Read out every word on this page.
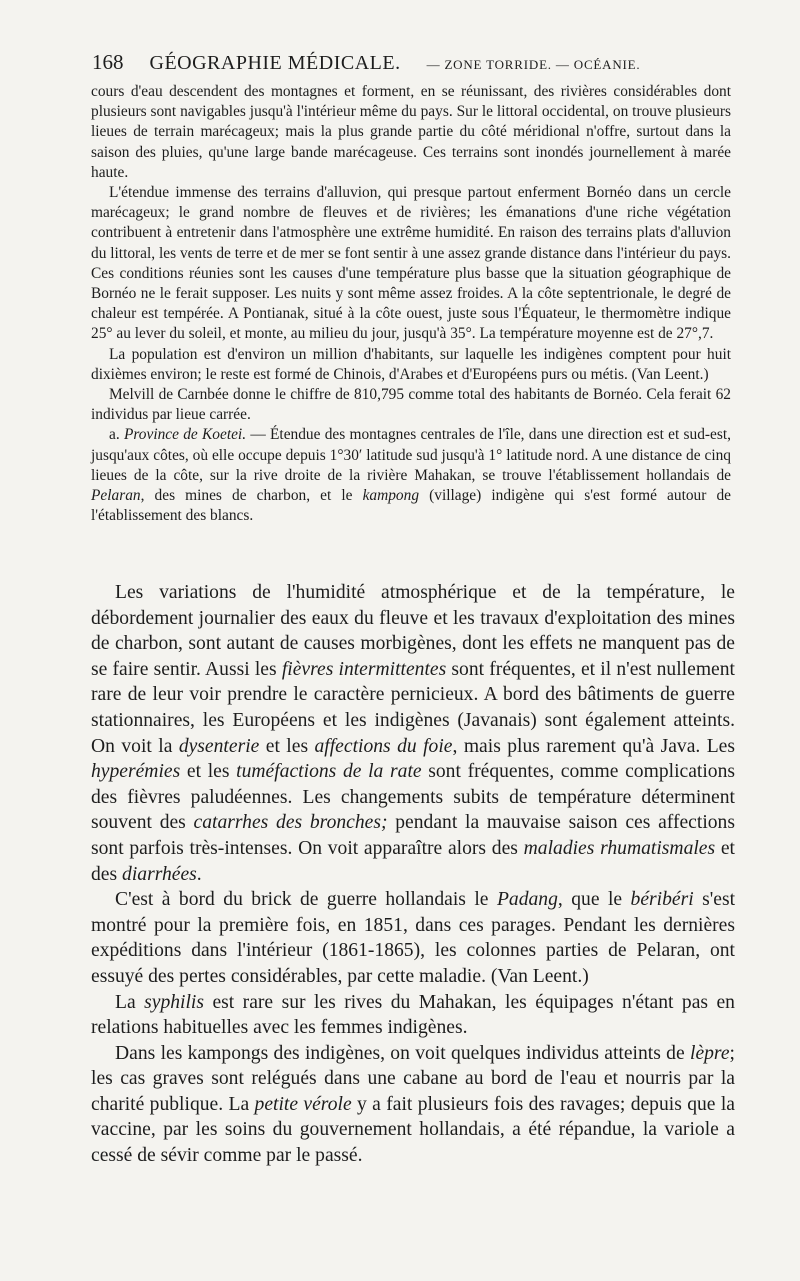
168 GÉOGRAPHIE MÉDICALE. — ZONE TORRIDE. — OCÉANIE.

cours d'eau descendent des montagnes et forment, en se réunissant, des rivières considérables dont plusieurs sont navigables jusqu'à l'intérieur même du pays. Sur le littoral occidental, on trouve plusieurs lieues de terrain marécageux; mais la plus grande partie du côté méridional n'offre, surtout dans la saison des pluies, qu'une large bande marécageuse. Ces terrains sont inondés journellement à marée haute.

L'étendue immense des terrains d'alluvion, qui presque partout enferment Bornéo dans un cercle marécageux; le grand nombre de fleuves et de rivières; les émanations d'une riche végétation contribuent à entretenir dans l'atmosphère une extrême humidité. En raison des terrains plats d'alluvion du littoral, les vents de terre et de mer se font sentir à une assez grande distance dans l'intérieur du pays. Ces conditions réunies sont les causes d'une température plus basse que la situation géographique de Bornéo ne le ferait supposer. Les nuits y sont même assez froides. A la côte septentrionale, le degré de chaleur est tempérée. A Pontianak, situé à la côte ouest, juste sous l'Équateur, le thermomètre indique 25° au lever du soleil, et monte, au milieu du jour, jusqu'à 35°. La température moyenne est de 27°,7.

La population est d'environ un million d'habitants, sur laquelle les indigènes comptent pour huit dixièmes environ; le reste est formé de Chinois, d'Arabes et d'Européens purs ou métis. (Van Leent.)

Melvill de Carnbée donne le chiffre de 810,795 comme total des habitants de Bornéo. Cela ferait 62 individus par lieue carrée.

a. Province de Koetei. — Étendue des montagnes centrales de l'île, dans une direction est et sud-est, jusqu'aux côtes, où elle occupe depuis 1°30′ latitude sud jusqu'à 1° latitude nord. A une distance de cinq lieues de la côte, sur la rive droite de la rivière Mahakan, se trouve l'établissement hollandais de Pelaran, des mines de charbon, et le kampong (village) indigène qui s'est formé autour de l'établissement des blancs.

Les variations de l'humidité atmosphérique et de la température, le débordement journalier des eaux du fleuve et les travaux d'exploitation des mines de charbon, sont autant de causes morbigènes, dont les effets ne manquent pas de se faire sentir. Aussi les fièvres intermittentes sont fréquentes, et il n'est nullement rare de leur voir prendre le caractère pernicieux. A bord des bâtiments de guerre stationnaires, les Européens et les indigènes (Javanais) sont également atteints. On voit la dysenterie et les affections du foie, mais plus rarement qu'à Java. Les hyperémies et les tuméfactions de la rate sont fréquentes, comme complications des fièvres paludéennes. Les changements subits de température déterminent souvent des catarrhes des bronches; pendant la mauvaise saison ces affections sont parfois très-intenses. On voit apparaître alors des maladies rhumatismales et des diarrhées.

C'est à bord du brick de guerre hollandais le Padang, que le béribéri s'est montré pour la première fois, en 1851, dans ces parages. Pendant les dernières expéditions dans l'intérieur (1861-1865), les colonnes parties de Pelaran, ont essuyé des pertes considérables, par cette maladie. (Van Leent.)

La syphilis est rare sur les rives du Mahakan, les équipages n'étant pas en relations habituelles avec les femmes indigènes.

Dans les kampongs des indigènes, on voit quelques individus atteints de lèpre; les cas graves sont relégués dans une cabane au bord de l'eau et nourris par la charité publique. La petite vérole y a fait plusieurs fois des ravages; depuis que la vaccine, par les soins du gouvernement hollandais, a été répandue, la variole a cessé de sévir comme par le passé.
